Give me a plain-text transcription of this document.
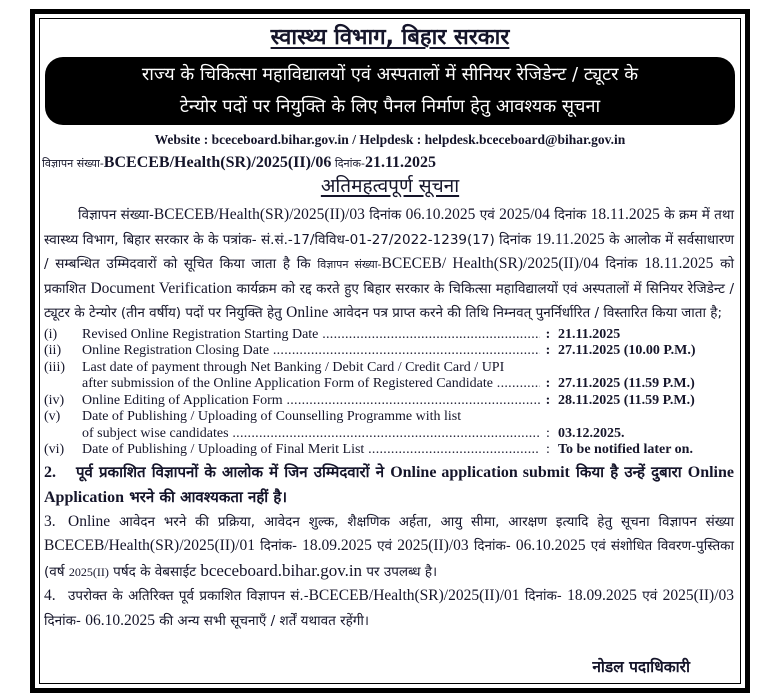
स्वास्थ्य विभाग, बिहार सरकार
राज्य के चिकित्सा महाविद्यालयों एवं अस्पतालों में सीनियर रेजिडेन्ट / ट्यूटर के
टेन्योर पदों पर नियुक्ति के लिए पैनल निर्माण हेतु आवश्यक सूचना
Website : bceceboard.bihar.gov.in / Helpdesk : helpdesk.bceceboard@bihar.gov.in
विज्ञापन संख्या-BCECEB/Health(SR)/2025(II)/06 दिनांक-21.11.2025
अतिमहत्वपूर्ण सूचना
विज्ञापन संख्या-BCECEB/Health(SR)/2025(II)/03 दिनांक 06.10.2025 एवं 2025/04 दिनांक 18.11.2025 के क्रम में तथा स्वास्थ्य विभाग, बिहार सरकार के के पत्रांक- सं.सं.-17/विविध-01-27/2022-1239(17) दिनांक 19.11.2025 के आलोक में सर्वसाधारण / सम्बन्धित उम्मिदवारों को सूचित किया जाता है कि विज्ञापन संख्या-BCECEB/ Health(SR)/2025(II)/04 दिनांक 18.11.2025 को प्रकाशित Document Verification कार्यक्रम को रद्द करते हुए बिहार सरकार के चिकित्सा महाविद्यालयों एवं अस्पतालों में सिनियर रेजिडेन्ट / ट्यूटर के टेन्योर (तीन वर्षीय) पदों पर नियुक्ति हेतु Online आवेदन पत्र प्राप्त करने की तिथि निम्नवत् पुनर्निर्धारित / विस्तारित किया जाता है;
(i)	Revised Online Registration Starting Date .....	: 21.11.2025
(ii)	Online Registration Closing Date .....	: 27.11.2025 (10.00 P.M.)
(iii)	Last date of payment through Net Banking / Debit Card / Credit Card / UPI
after submission of the Online Application Form of Registered Candidate .....	: 27.11.2025 (11.59 P.M.)
(iv)	Online Editing of Application Form .....	: 28.11.2025 (11.59 P.M.)
(v)	Date of Publishing / Uploading of Counselling Programme with list
of subject wise candidates .....	: 03.12.2025.
(vi)	Date of Publishing / Uploading of Final Merit List .....	: To be notified later on.
2. पूर्व प्रकाशित विज्ञापनों के आलोक में जिन उम्मिदवारों ने Online application submit किया है उन्हें दुबारा Online Application भरने की आवश्यकता नहीं है।
3. Online आवेदन भरने की प्रक्रिया, आवेदन शुल्क, शैक्षणिक अर्हता, आयु सीमा, आरक्षण इत्यादि हेतु सूचना विज्ञापन संख्या BCECEB/Health(SR)/2025(II)/01 दिनांक- 18.09.2025 एवं 2025(II)/03 दिनांक- 06.10.2025 एवं संशोधित विवरण-पुस्तिका (वर्ष 2025(II) पर्षद के वेबसाईट bceceboard.bihar.gov.in पर उपलब्ध है।
4. उपरोक्त के अतिरिक्त पूर्व प्रकाशित विज्ञापन सं.-BCECEB/Health(SR)/2025(II)/01 दिनांक- 18.09.2025 एवं 2025(II)/03 दिनांक- 06.10.2025 की अन्य सभी सूचनाएँ / शर्तें यथावत रहेंगी।
नोडल पदाधिकारी
